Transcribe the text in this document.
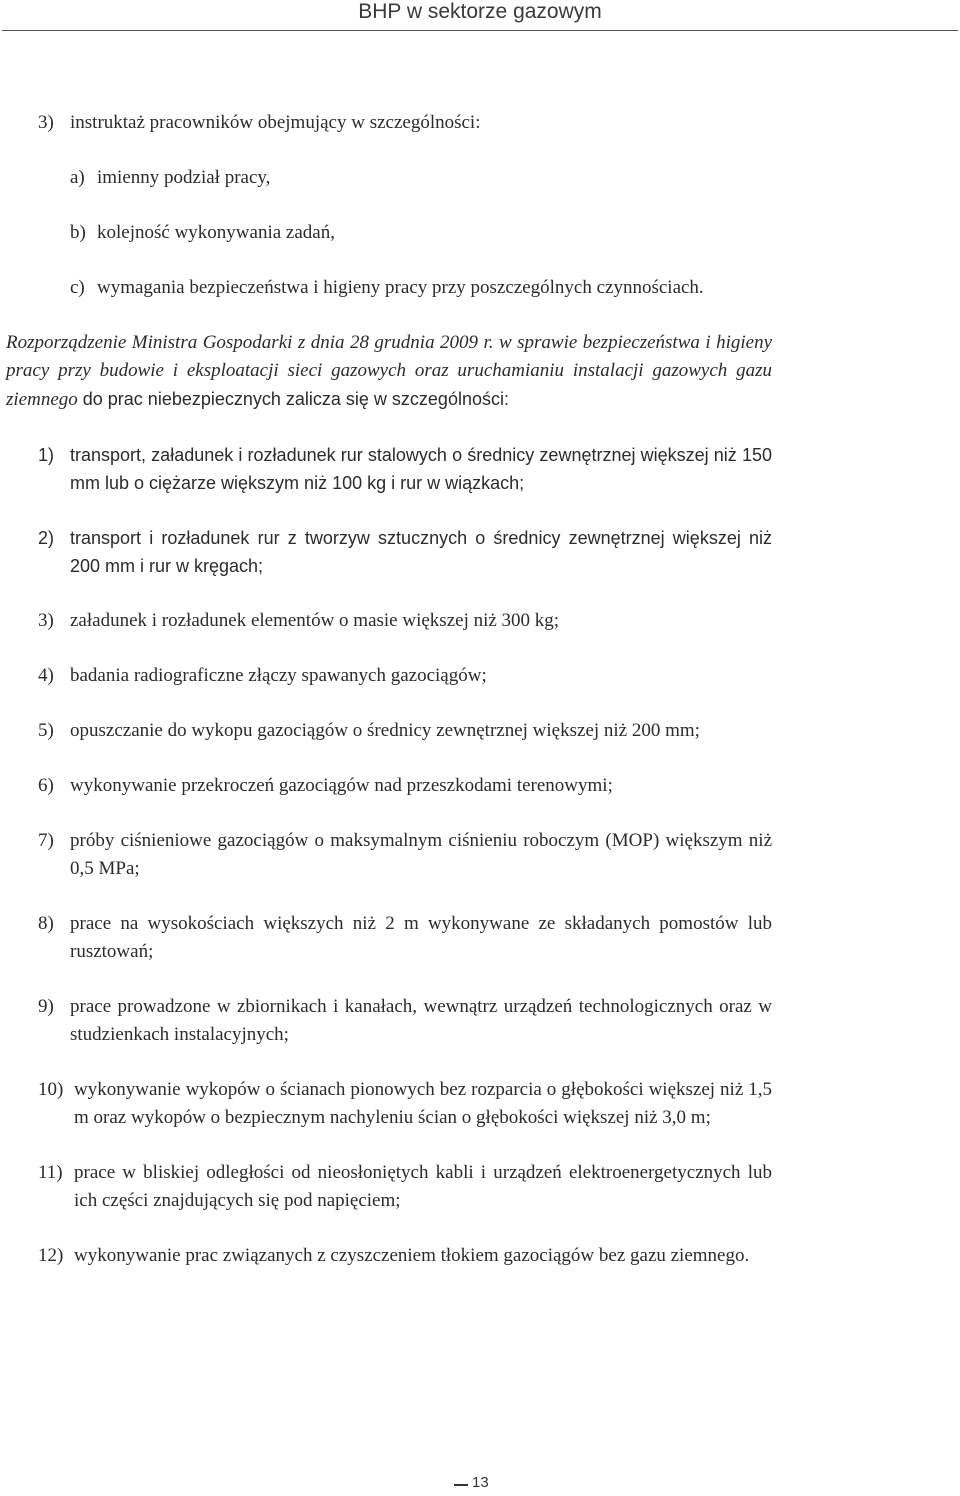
BHP w sektorze gazowym
3) instruktaż pracowników obejmujący w szczególności:
a) imienny podział pracy,
b) kolejność wykonywania zadań,
c) wymagania bezpieczeństwa i higieny pracy przy poszczególnych czynnościach.
Rozporządzenie Ministra Gospodarki z dnia 28 grudnia 2009 r. w sprawie bezpieczeństwa i higieny pracy przy budowie i eksploatacji sieci gazowych oraz uruchamianiu instalacji gazowych gazu ziemnego do prac niebezpiecznych zalicza się w szczególności:
1) transport, załadunek i rozładunek rur stalowych o średnicy zewnętrznej większej niż 150 mm lub o ciężarze większym niż 100 kg i rur w wiązkach;
2) transport i rozładunek rur z tworzyw sztucznych o średnicy zewnętrznej większej niż 200 mm i rur w kręgach;
3) załadunek i rozładunek elementów o masie większej niż 300 kg;
4) badania radiograficzne złączy spawanych gazociągów;
5) opuszczanie do wykopu gazociągów o średnicy zewnętrznej większej niż 200 mm;
6) wykonywanie przekroczeń gazociągów nad przeszkodami terenowymi;
7) próby ciśnieniowe gazociągów o maksymalnym ciśnieniu roboczym (MOP) większym niż 0,5 MPa;
8) prace na wysokościach większych niż 2 m wykonywane ze składanych pomostów lub rusztowań;
9) prace prowadzone w zbiornikach i kanałach, wewnątrz urządzeń technologicznych oraz w studzienkach instalacyjnych;
10) wykonywanie wykopów o ścianach pionowych bez rozparcia o głębokości większej niż 1,5 m oraz wykopów o bezpiecznym nachyleniu ścian o głębokości większej niż 3,0 m;
11) prace w bliskiej odległości od nieosłoniętych kabli i urządzeń elektroenergetycznych lub ich części znajdujących się pod napięciem;
12) wykonywanie prac związanych z czyszczeniem tłokiem gazociągów bez gazu ziemnego.
13
